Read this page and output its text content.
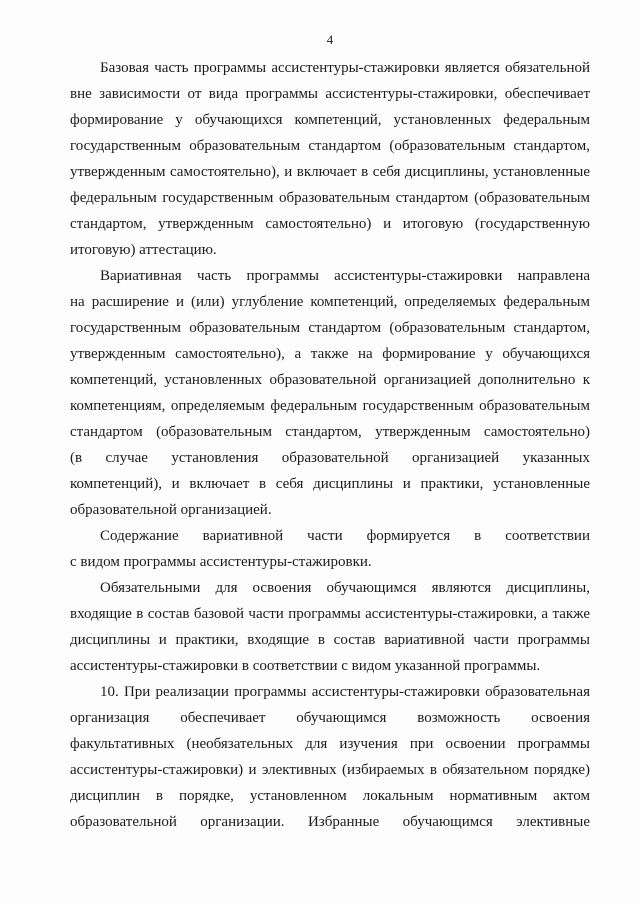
4
Базовая часть программы ассистентуры-стажировки является обязательной
вне зависимости от вида программы ассистентуры-стажировки, обеспечивает
формирование у обучающихся компетенций, установленных федеральным
государственным образовательным стандартом (образовательным стандартом,
утвержденным самостоятельно), и включает в себя дисциплины, установленные
федеральным государственным образовательным стандартом (образовательным
стандартом, утвержденным самостоятельно) и итоговую (государственную
итоговую) аттестацию.
Вариативная часть программы ассистентуры-стажировки направлена
на расширение и (или) углубление компетенций, определяемых федеральным
государственным образовательным стандартом (образовательным стандартом,
утвержденным самостоятельно), а также на формирование у обучающихся
компетенций, установленных образовательной организацией дополнительно к
компетенциям, определяемым федеральным государственным образовательным
стандартом (образовательным стандартом, утвержденным самостоятельно)
(в случае установления образовательной организацией указанных
компетенций), и включает в себя дисциплины и практики, установленные
образовательной организацией.
Содержание вариативной части формируется в соответствии
с видом программы ассистентуры-стажировки.
Обязательными для освоения обучающимся являются дисциплины,
входящие в состав базовой части программы ассистентуры-стажировки, а также
дисциплины и практики, входящие в состав вариативной части программы
ассистентуры-стажировки в соответствии с видом указанной программы.
10. При реализации программы ассистентуры-стажировки образовательная
организация обеспечивает обучающимся возможность освоения
факультативных (необязательных для изучения при освоении программы
ассистентуры-стажировки) и элективных (избираемых в обязательном порядке)
дисциплин в порядке, установленном локальным нормативным актом
образовательной организации. Избранные обучающимся элективные
